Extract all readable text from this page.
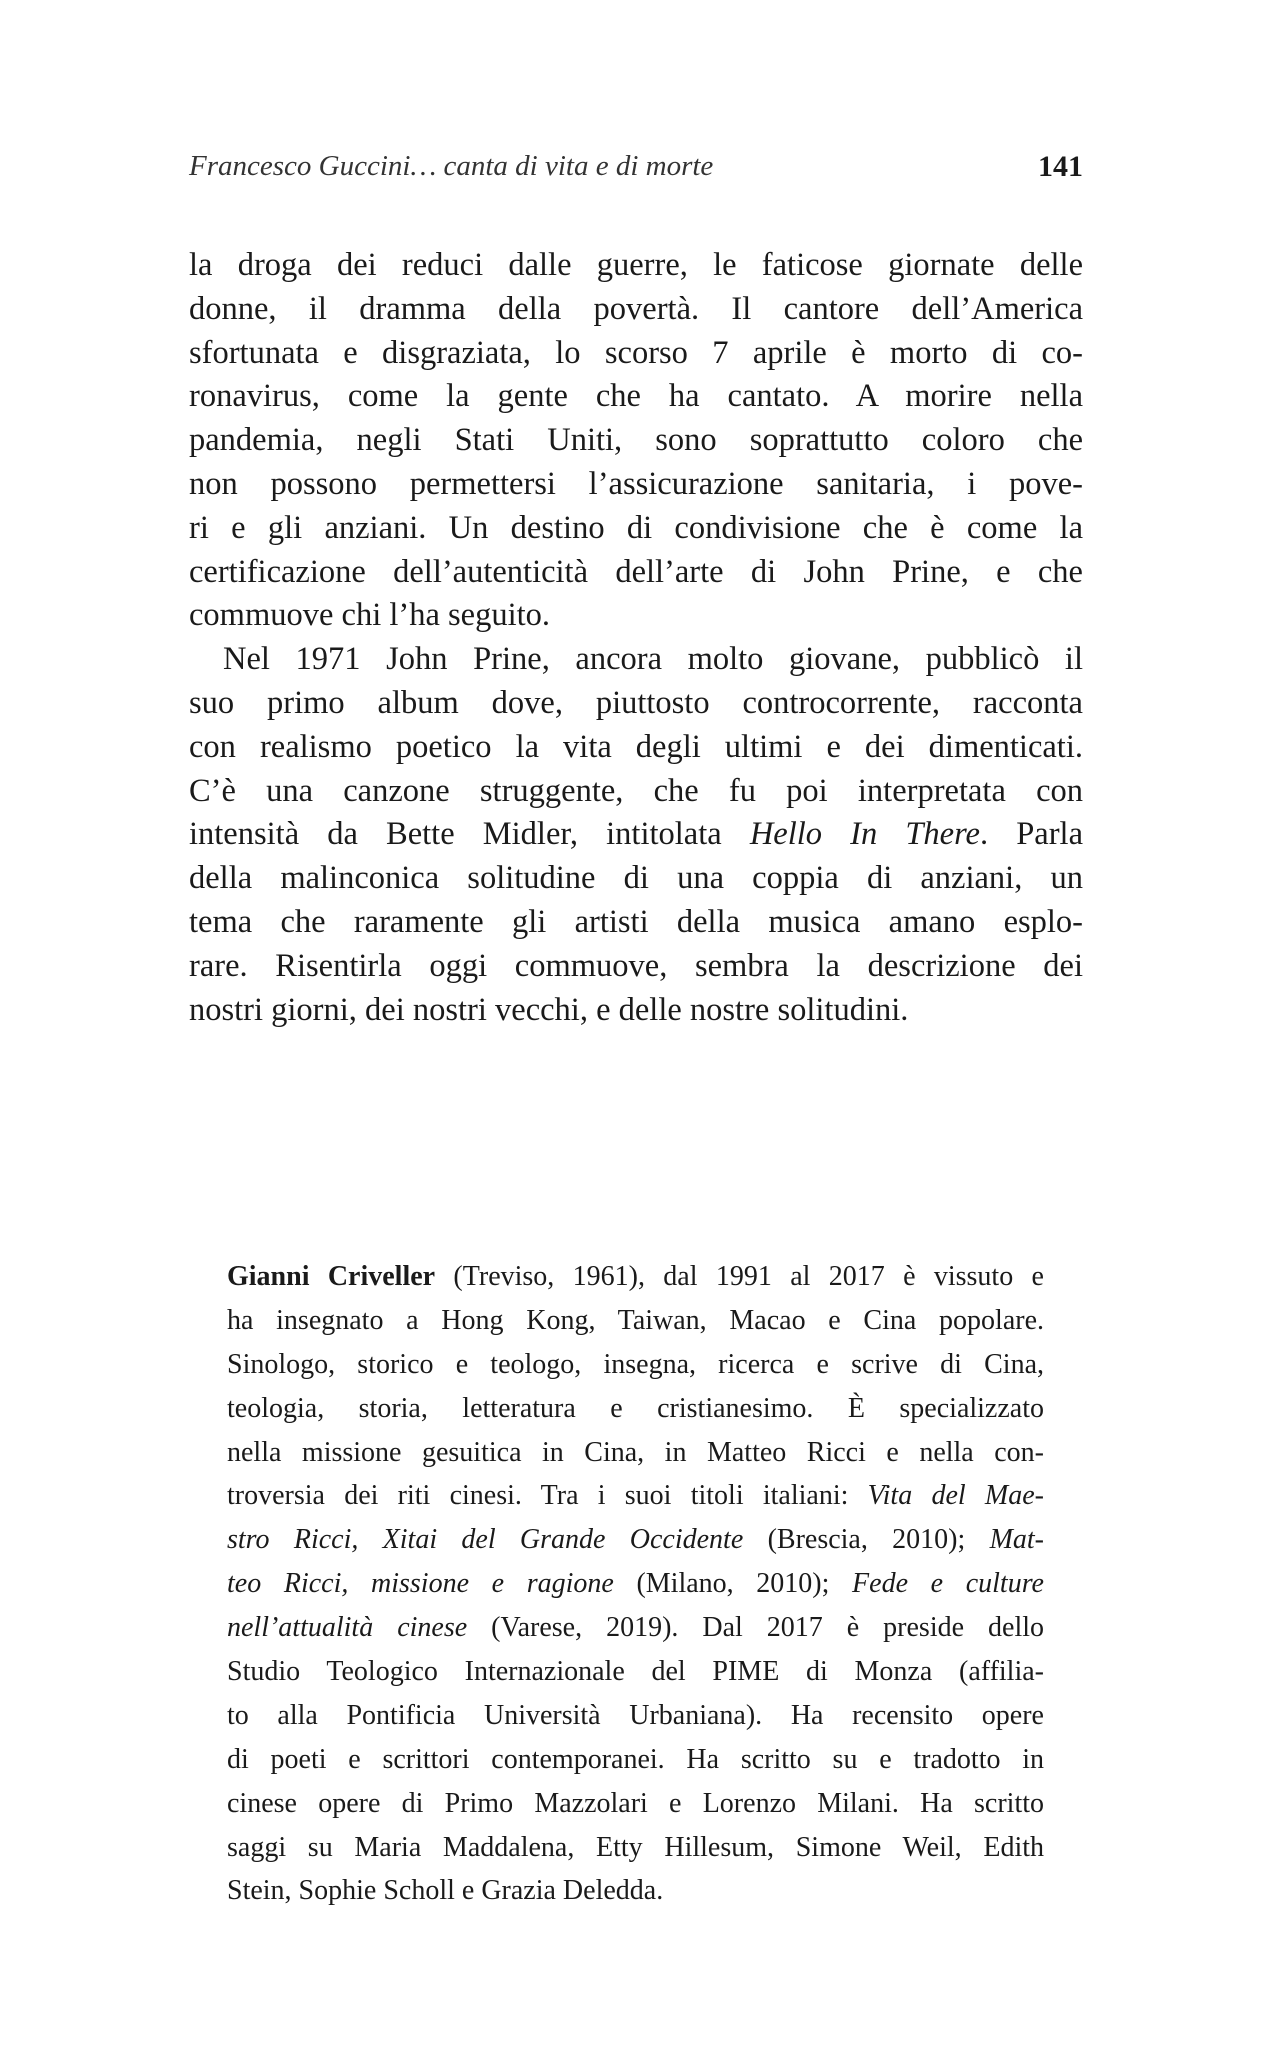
Francesco Guccini… canta di vita e di morte	141
la droga dei reduci dalle guerre, le faticose giornate delle
donne, il dramma della povertà. Il cantore dell’America
sfortunata e disgraziata, lo scorso 7 aprile è morto di co-
ronavirus, come la gente che ha cantato. A morire nella
pandemia, negli Stati Uniti, sono soprattutto coloro che
non possono permettersi l’assicurazione sanitaria, i pove-
ri e gli anziani. Un destino di condivisione che è come la
certificazione dell’autenticità dell’arte di John Prine, e che
commuove chi l’ha seguito.
Nel 1971 John Prine, ancora molto giovane, pubblicò il
suo primo album dove, piuttosto controcorrente, racconta
con realismo poetico la vita degli ultimi e dei dimenticati.
C’è una canzone struggente, che fu poi interpretata con
intensità da Bette Midler, intitolata Hello In There. Parla
della malinconica solitudine di una coppia di anziani, un
tema che raramente gli artisti della musica amano esplo-
rare. Risentirla oggi commuove, sembra la descrizione dei
nostri giorni, dei nostri vecchi, e delle nostre solitudini.
Gianni Criveller (Treviso, 1961), dal 1991 al 2017 è vissuto e
ha insegnato a Hong Kong, Taiwan, Macao e Cina popolare.
Sinologo, storico e teologo, insegna, ricerca e scrive di Cina,
teologia, storia, letteratura e cristianesimo. È specializzato
nella missione gesuitica in Cina, in Matteo Ricci e nella con-
troversia dei riti cinesi. Tra i suoi titoli italiani: Vita del Mae-
stro Ricci, Xitai del Grande Occidente (Brescia, 2010); Mat-
teo Ricci, missione e ragione (Milano, 2010); Fede e culture
nell’attualità cinese (Varese, 2019). Dal 2017 è preside dello
Studio Teologico Internazionale del PIME di Monza (affilia-
to alla Pontificia Università Urbaniana). Ha recensito opere
di poeti e scrittori contemporanei. Ha scritto su e tradotto in
cinese opere di Primo Mazzolari e Lorenzo Milani. Ha scritto
saggi su Maria Maddalena, Etty Hillesum, Simone Weil, Edith
Stein, Sophie Scholl e Grazia Deledda.
